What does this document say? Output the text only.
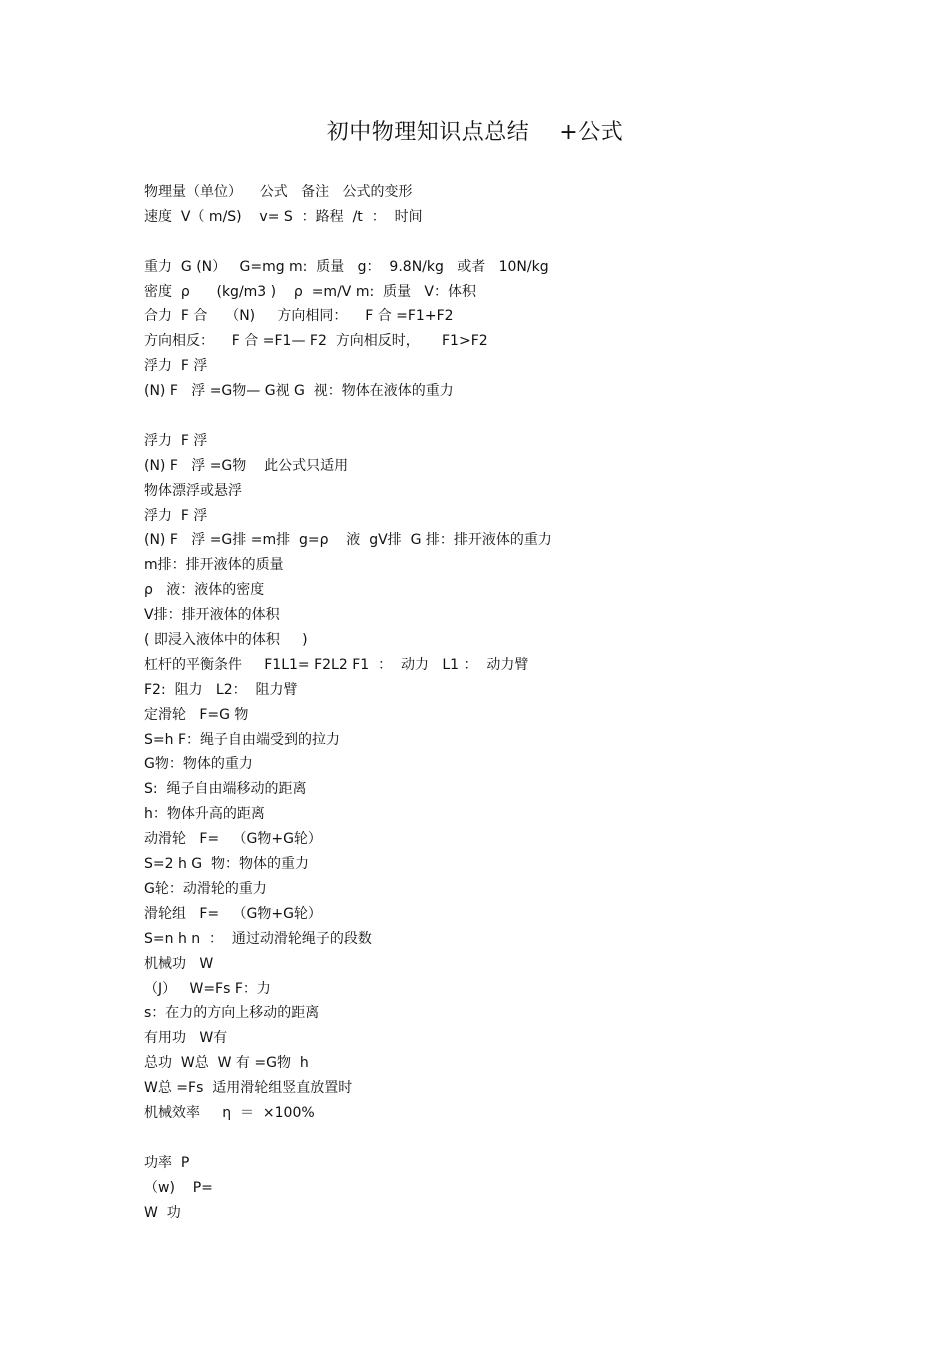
初中物理知识点总结    +公式
物理量（单位）    公式   备注   公式的变形
速度  V（ m/S)    v= S  ：路程  /t  ：  时间
重力  G (N）   G=mg m:  质量   g：  9.8N/kg   或者   10N/kg
密度  ρ      (kg/m3 )    ρ  =m/V m:  质量   V：体积
合力  F 合    （N)     方向相同：    F 合 =F1+F2
方向相反：    F 合 =F1— F2  方向相反时，     F1>F2
浮力  F 浮
(N) F   浮 =G物— G视 G  视：物体在液体的重力
浮力  F 浮
(N) F   浮 =G物    此公式只适用
物体漂浮或悬浮
浮力  F 浮
(N) F   浮 =G排 =m排  g=ρ    液  gV排  G 排：排开液体的重力
m排：排开液体的质量
ρ   液：液体的密度
V排：排开液体的体积
( 即浸入液体中的体积     )
杠杆的平衡条件     F1L1= F2L2 F1  ：  动力   L1 ：  动力臂
F2:  阻力   L2：  阻力臂
定滑轮   F=G 物
S=h F：绳子自由端受到的拉力
G物：物体的重力
S:  绳子自由端移动的距离
h：物体升高的距离
动滑轮   F=   （G物+G轮）
S=2 h G  物：物体的重力
G轮：动滑轮的重力
滑轮组   F=   （G物+G轮）
S=n h n  ：  通过动滑轮绳子的段数
机械功   W
（J）   W=Fs F：力
s：在力的方向上移动的距离
有用功   W有
总功  W总  W 有 =G物  h
W总 =Fs  适用滑轮组竖直放置时
机械效率     η  ＝  ×100%
功率  P
（w)    P=
W  功
